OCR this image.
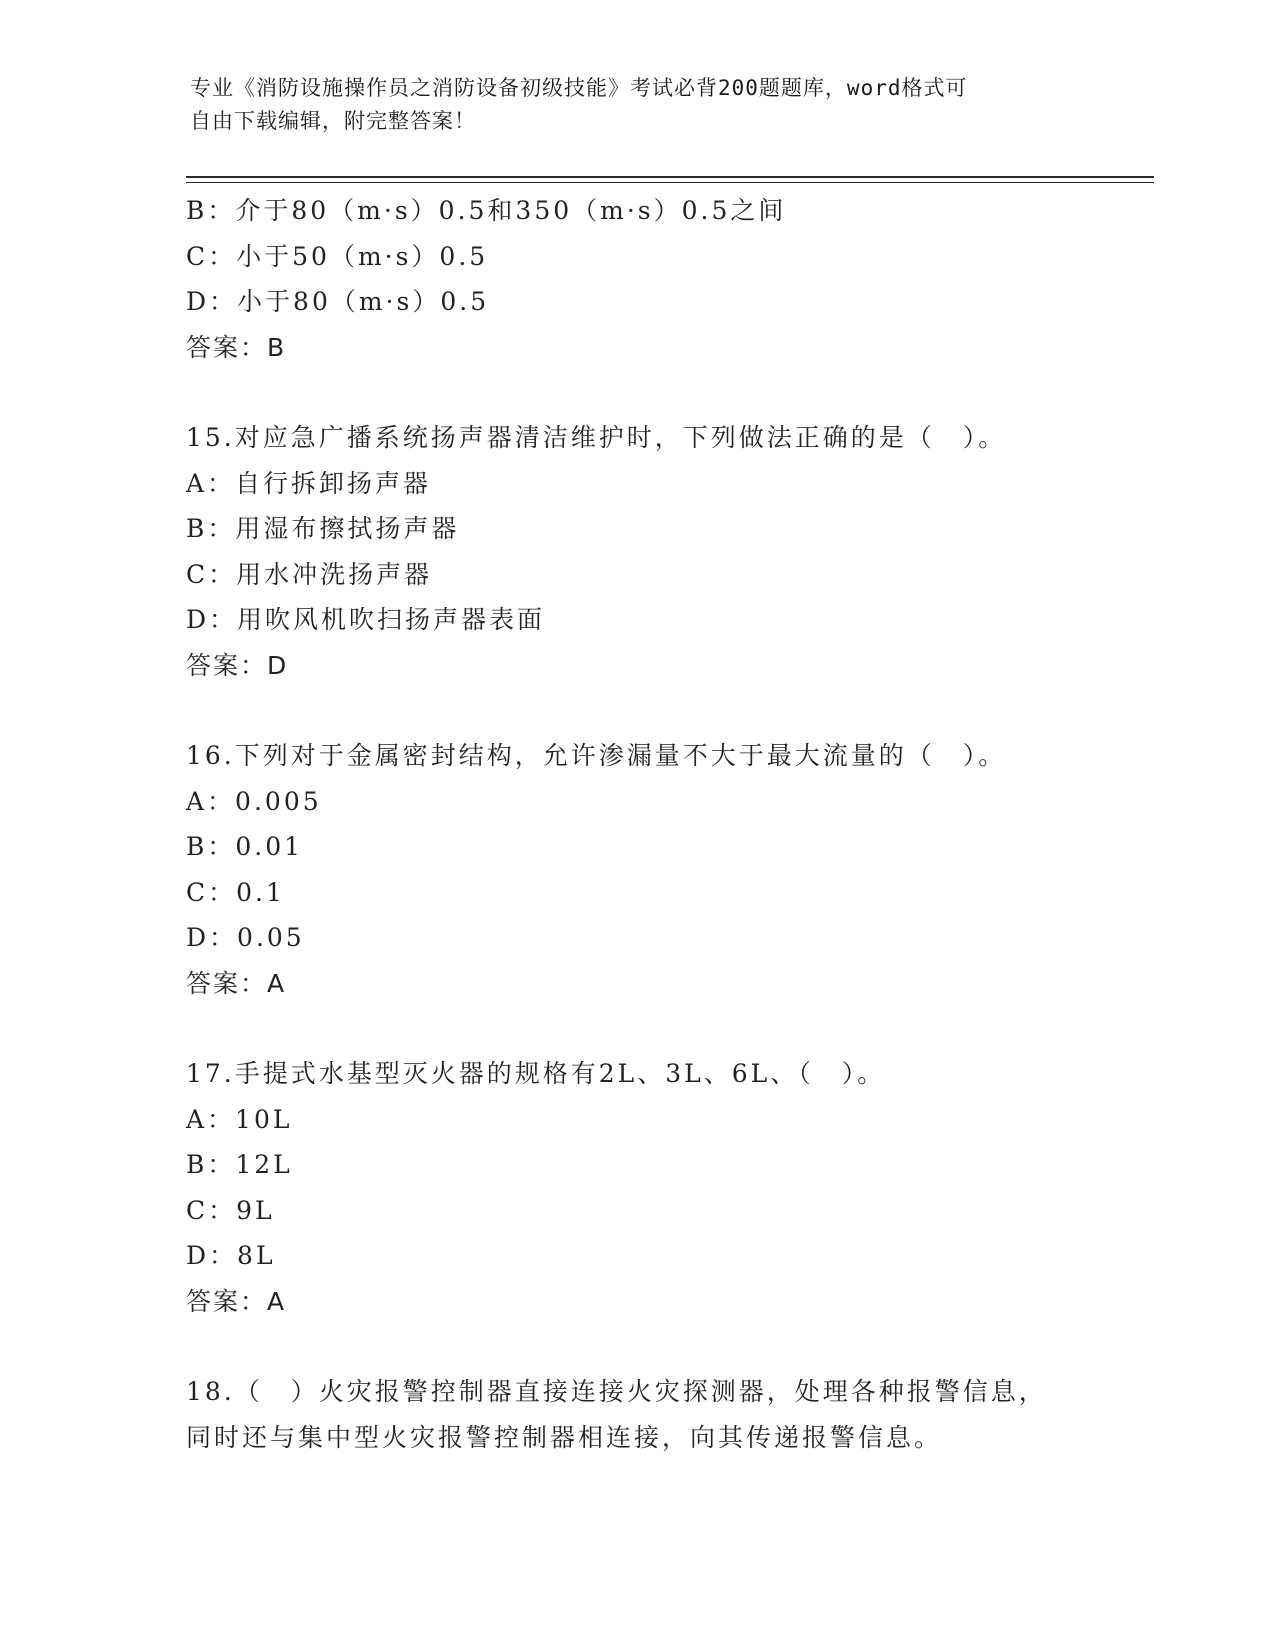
专业《消防设施操作员之消防设备初级技能》考试必背200题题库，word格式可
自由下载编辑，附完整答案！
B：介于80（m·s）0.5和350（m·s）0.5之间
C：小于50（m·s）0.5
D：小于80（m·s）0.5
答案：B
15.对应急广播系统扬声器清洁维护时，下列做法正确的是（　）。
A：自行拆卸扬声器
B：用湿布擦拭扬声器
C：用水冲洗扬声器
D：用吹风机吹扫扬声器表面
答案：D
16.下列对于金属密封结构，允许渗漏量不大于最大流量的（　）。
A：0.005
B：0.01
C：0.1
D：0.05
答案：A
17.手提式水基型灭火器的规格有2L、3L、6L、（　）。
A：10L
B：12L
C：9L
D：8L
答案：A
18.（　）火灾报警控制器直接连接火灾探测器，处理各种报警信息，同时还与集中型火灾报警控制器相连接，向其传递报警信息。
